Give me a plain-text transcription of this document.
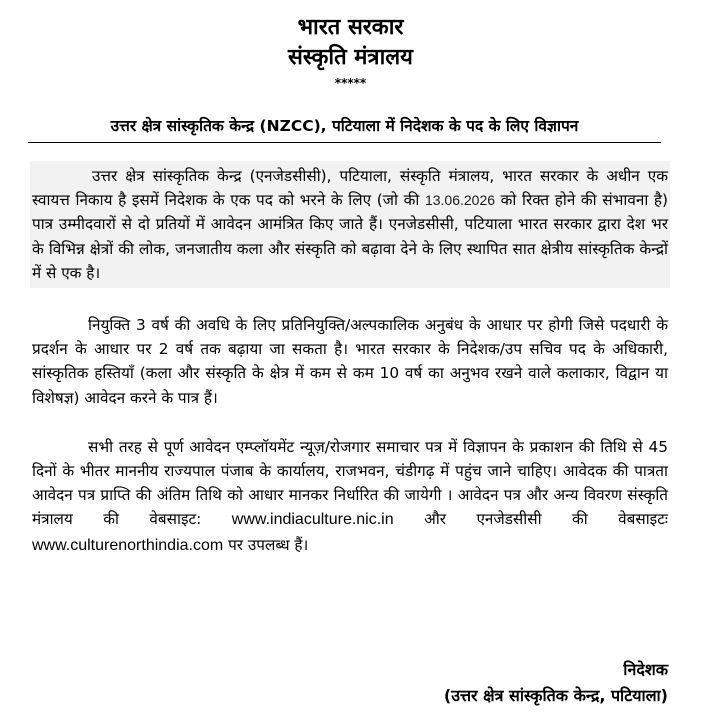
भारत सरकार
संस्कृति मंत्रालय
*****
उत्तर क्षेत्र सांस्कृतिक केन्द्र (NZCC), पटियाला में निदेशक के पद के लिए विज्ञापन
उत्तर क्षेत्र सांस्कृतिक केन्द्र (एनजेडसीसी), पटियाला, संस्कृति मंत्रालय, भारत सरकार के अधीन एक स्वायत्त निकाय है इसमें निदेशक के एक पद को भरने के लिए (जो की 13.06.2026 को रिक्त होने की संभावना है) पात्र उम्मीदवारों से दो प्रतियों में आवेदन आमंत्रित किए जाते हैं। एनजेडसीसी, पटियाला भारत सरकार द्वारा देश भर के विभिन्न क्षेत्रों की लोक, जनजातीय कला और संस्कृति को बढ़ावा देने के लिए स्थापित सात क्षेत्रीय सांस्कृतिक केन्द्रों में से एक है।
नियुक्ति 3 वर्ष की अवधि के लिए प्रतिनियुक्ति/अल्पकालिक अनुबंध के आधार पर होगी जिसे पदधारी के प्रदर्शन के आधार पर 2 वर्ष तक बढ़ाया जा सकता है। भारत सरकार के निदेशक/उप सचिव पद के अधिकारी, सांस्कृतिक हस्तियाँ (कला और संस्कृति के क्षेत्र में कम से कम 10 वर्ष का अनुभव रखने वाले कलाकार, विद्वान या विशेषज्ञ) आवेदन करने के पात्र हैं।
सभी तरह से पूर्ण आवेदन एम्प्लॉयमेंट न्यूज़/रोजगार समाचार पत्र में विज्ञापन के प्रकाशन की तिथि से 45 दिनों के भीतर माननीय राज्यपाल पंजाब के कार्यालय, राजभवन, चंडीगढ़ में पहुंच जाने चाहिए। आवेदक की पात्रता आवेदन पत्र प्राप्ति की अंतिम तिथि को आधार मानकर निर्धारित की जायेगी । आवेदन पत्र और अन्य विवरण संस्कृति मंत्रालय की वेबसाइट: www.indiaculture.nic.in और एनजेडसीसी की वेबसाइटः www.culturenorthindia.com पर उपलब्ध हैं।
निदेशक
(उत्तर क्षेत्र सांस्कृतिक केन्द्र, पटियाला)
